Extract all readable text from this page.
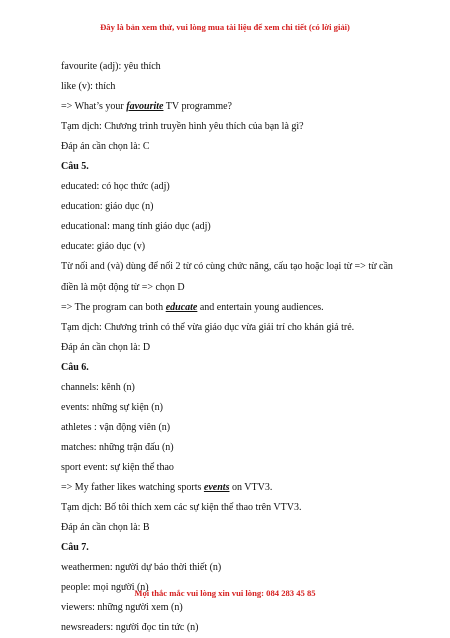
Đây là bản xem thử, vui lòng mua tài liệu để xem chi tiết (có lời giải)
favourite (adj): yêu thích
like (v): thích
=> What’s your favourite TV programme?
Tạm dịch: Chương trình truyền hình yêu thích của bạn là gì?
Đáp án cần chọn là: C
Câu 5.
educated: có học thức (adj)
education: giáo dục (n)
educational: mang tính giáo dục (adj)
educate: giáo dục (v)
Từ nối and (và) dùng để nối 2 từ có cùng chức năng, cấu tạo hoặc loại từ => từ cần điền là một động từ => chọn D
=> The program can both educate and entertain young audiences.
Tạm dịch: Chương trình có thể vừa giáo dục vừa giải trí cho khán giả trẻ.
Đáp án cần chọn là: D
Câu 6.
channels: kênh (n)
events: những sự kiện (n)
athletes : vận động viên (n)
matches: những trận đấu (n)
sport event: sự kiện thể thao
=> My father likes watching sports events on VTV3.
Tạm dịch: Bố tôi thích xem các sự kiện thể thao trên VTV3.
Đáp án cần chọn là: B
Câu 7.
weathermen: người dự báo thời thiết (n)
people: mọi người (n)
viewers: những người xem (n)
newsreaders: người đọc tin tức (n)
Mọi thắc mắc vui lòng xin vui lòng: 084 283 45 85
